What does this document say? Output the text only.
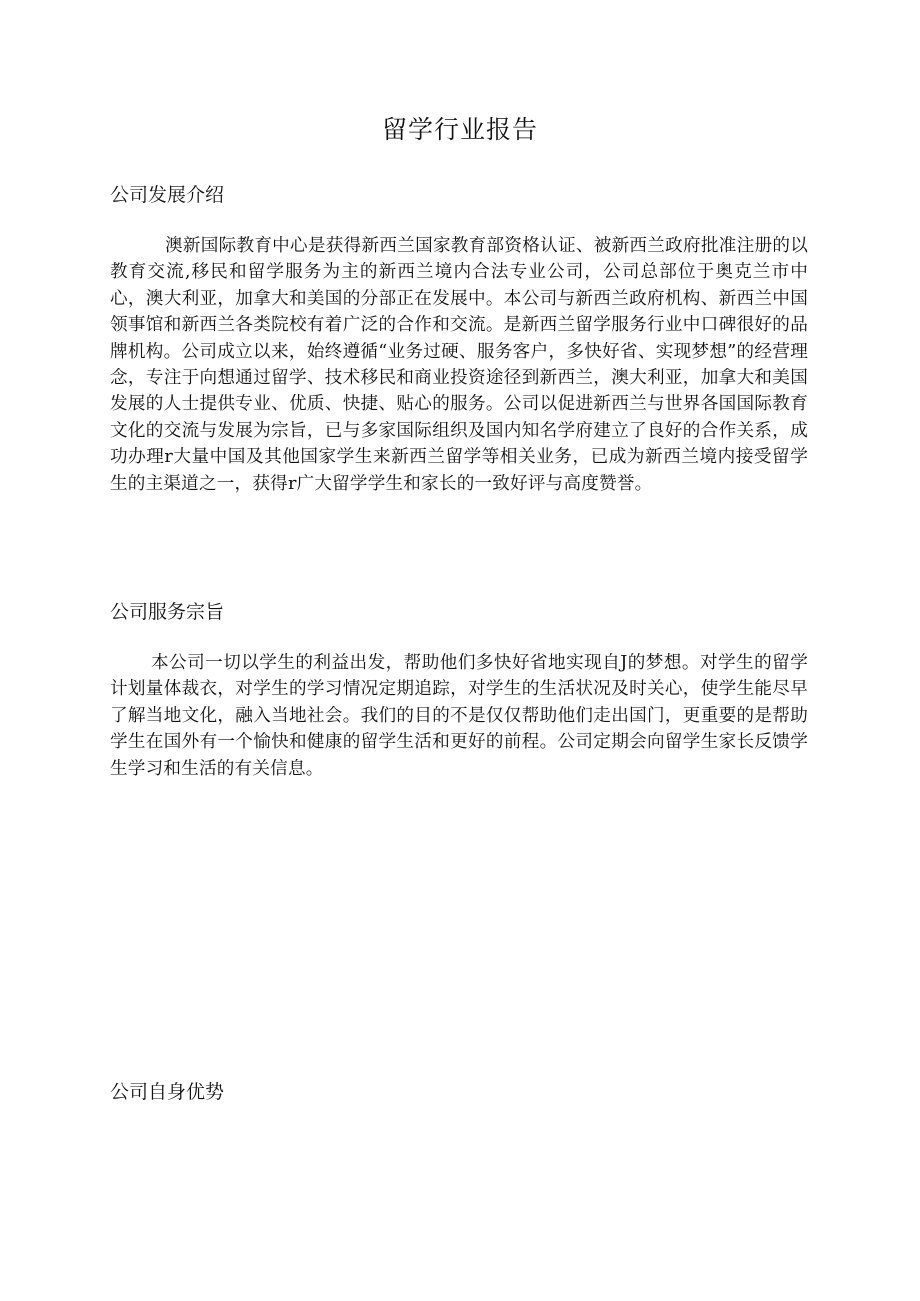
留学行业报告
公司发展介绍

澳新国际教育中心是获得新西兰国家教育部资格认证、被新西兰政府批准注册的以教育交流,移民和留学服务为主的新西兰境内合法专业公司，公司总部位于奥克兰市中心，澳大利亚，加拿大和美国的分部正在发展中。本公司与新西兰政府机构、新西兰中国领事馆和新西兰各类院校有着广泛的合作和交流。是新西兰留学服务行业中口碑很好的品牌机构。公司成立以来，始终遵循“业务过硬、服务客户，多快好省、实现梦想”的经营理念，专注于向想通过留学、技术移民和商业投资途径到新西兰，澳大利亚，加拿大和美国发展的人士提供专业、优质、快捷、贴心的服务。公司以促进新西兰与世界各国国际教育文化的交流与发展为宗旨，已与多家国际组织及国内知名学府建立了良好的合作关系，成功办理r大量中国及其他国家学生来新西兰留学等相关业务，已成为新西兰境内接受留学生的主渠道之一，获得r广大留学学生和家长的一致好评与高度赞誉。

公司服务宗旨

本公司一切以学生的利益出发，帮助他们多快好省地实现自J的梦想。对学生的留学计划量体裁衣，对学生的学习情况定期追踪，对学生的生活状况及时关心，使学生能尽早了解当地文化，融入当地社会。我们的目的不是仅仅帮助他们走出国门，更重要的是帮助学生在国外有一个愉快和健康的留学生活和更好的前程。公司定期会向留学生家长反馈学生学习和生活的有关信息。

公司自身优势
